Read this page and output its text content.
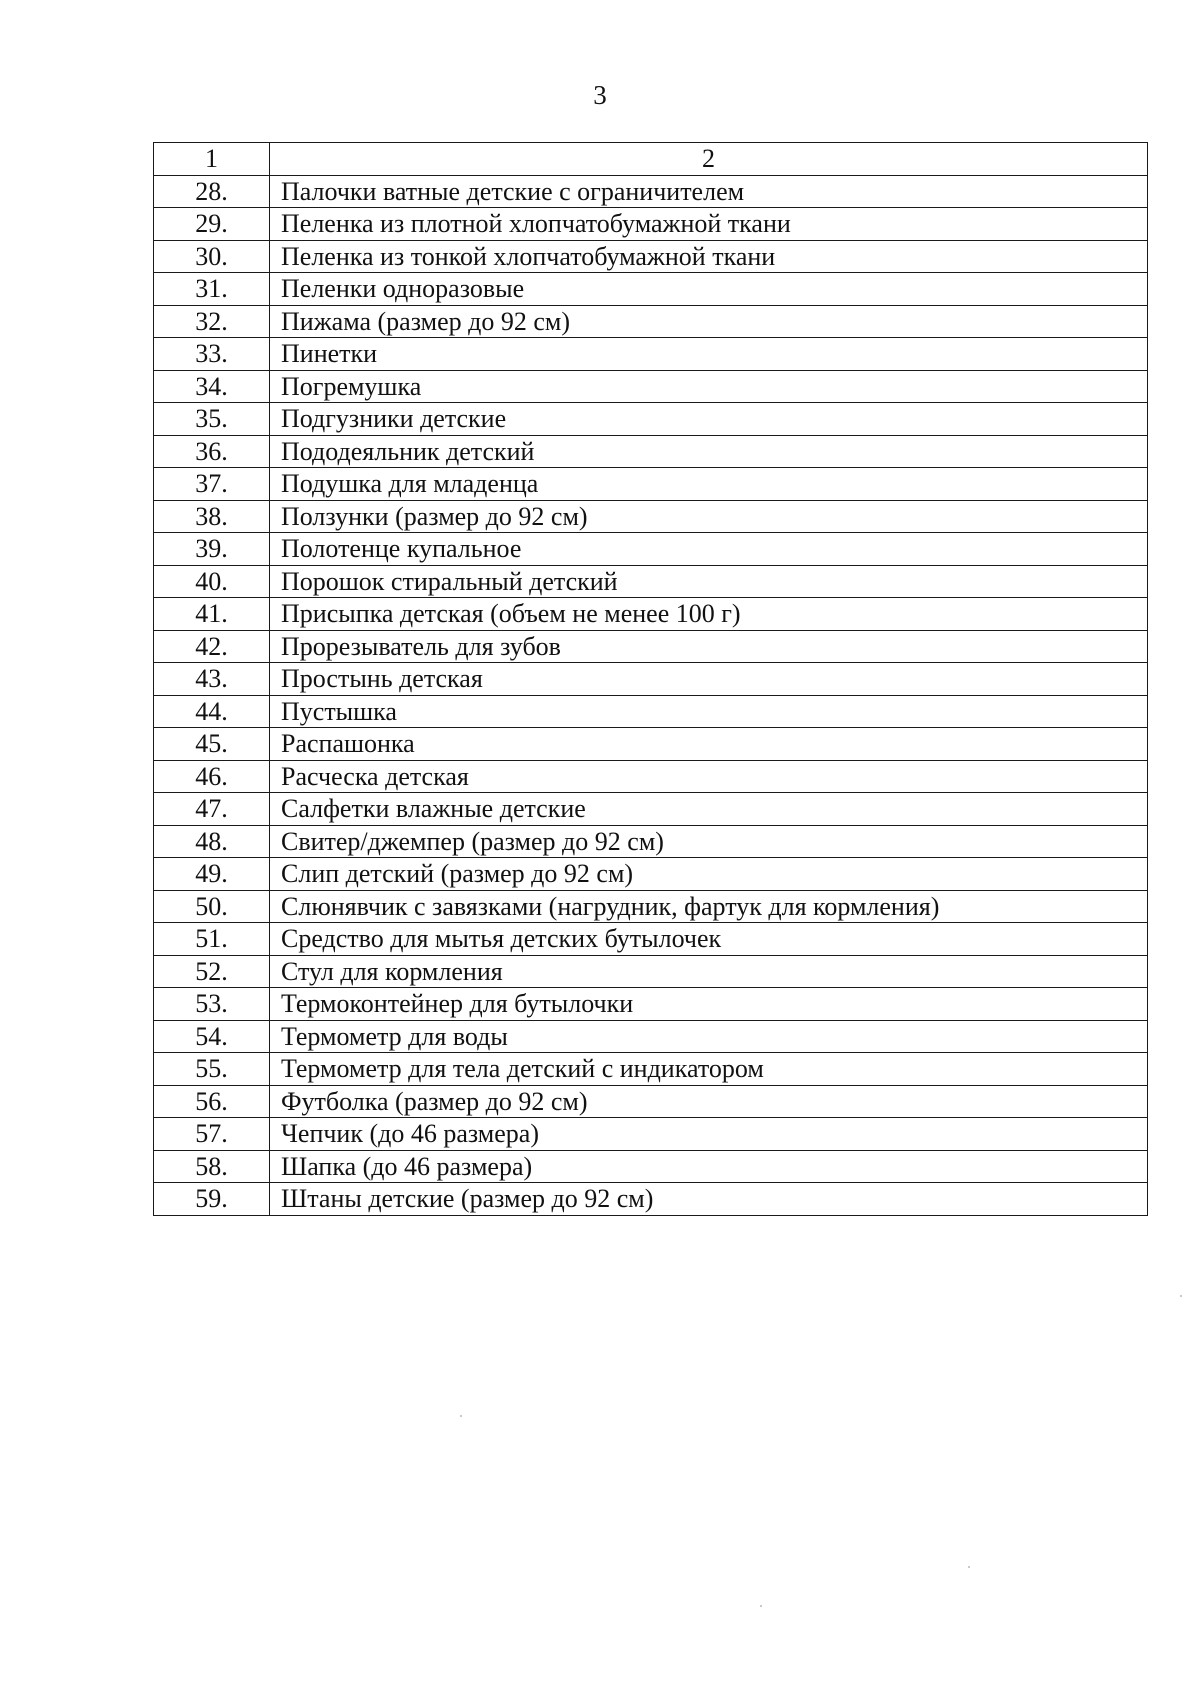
3
1	2
28.	Палочки ватные детские с ограничителем
29.	Пеленка из плотной хлопчатобумажной ткани
30.	Пеленка из тонкой хлопчатобумажной ткани
31.	Пеленки одноразовые
32.	Пижама (размер до 92 см)
33.	Пинетки
34.	Погремушка
35.	Подгузники детские
36.	Пододеяльник детский
37.	Подушка для младенца
38.	Ползунки (размер до 92 см)
39.	Полотенце купальное
40.	Порошок стиральный детский
41.	Присыпка детская (объем не менее 100 г)
42.	Прорезыватель для зубов
43.	Простынь детская
44.	Пустышка
45.	Распашонка
46.	Расческа детская
47.	Салфетки влажные детские
48.	Свитер/джемпер (размер до 92 см)
49.	Слип детский (размер до 92 см)
50.	Слюнявчик с завязками (нагрудник, фартук для кормления)
51.	Средство для мытья детских бутылочек
52.	Стул для кормления
53.	Термоконтейнер для бутылочки
54.	Термометр для воды
55.	Термометр для тела детский с индикатором
56.	Футболка (размер до 92 см)
57.	Чепчик (до 46 размера)
58.	Шапка (до 46 размера)
59.	Штаны детские (размер до 92 см)
